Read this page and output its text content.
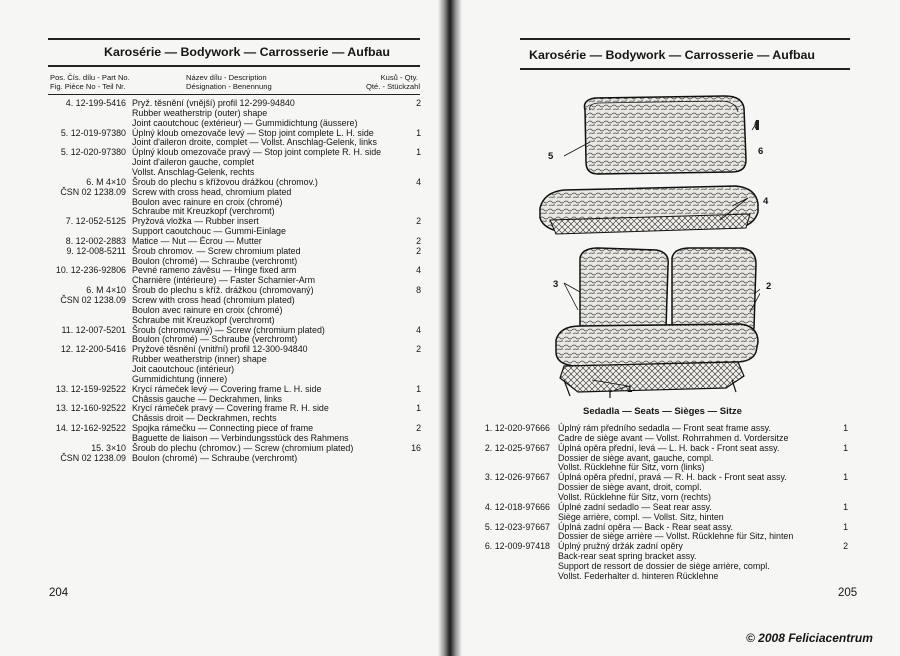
Karosérie — Bodywork — Carrosserie — Aufbau
Pos. Čís. dílu - Part No.
Fig. Pièce No - Teil Nr.
Název dílu - Description
Désignation - Benennung
Kusů - Qty.
Qté. - Stückzahl
4. 12-199-5416 Pryž. těsnění (vnější) profil 12-299-94840
Rubber weatherstrip (outer) shape
Joint caoutchouc (extérieur) — Gummidichtung (äussere)
2
5. 12-019-97380 Úplný kloub omezovače levý — Stop joint complete L. H. side
Joint d'aileron droite, complet — Vollst. Anschlag-Gelenk, links
1
5. 12-020-97380 Úplný kloub omezovače pravý — Stop joint complete R. H. side
Joint d'aileron gauche, complet
Vollst. Anschlag-Gelenk, rechts
1
6. M 4×10
ČSN 02 1238.09
Šroub do plechu s křížovou drážkou (chromov.)
Screw with cross head, chromium plated
Boulon avec rainure en croix (chromé)
Schraube mit Kreuzkopf (verchromt)
4
7. 12-052-5125 Pryžová vložka — Rubber insert
Support caoutchouc — Gummi-Einlage
2
8. 12-002-2883 Matice — Nut — Écrou — Mutter	2
9. 12-008-5211 Šroub chromov. — Screw chromium plated
Boulon (chromé) — Schraube (verchromt)
2
10. 12-236-92806 Pevné rameno závěsu — Hinge fixed arm
Charnière (intérieure) — Faster Scharnier-Arm
4
6. M 4×10
ČSN 02 1238.09
Šroub do plechu s kříž. drážkou (chromovaný)
Screw with cross head (chromium plated)
Boulon avec rainure en croix (chromé)
Schraube mit Kreuzkopf (verchromt)
8
11. 12-007-5201 Šroub (chromovaný) — Screw (chromium plated)
Boulon (chromé) — Schraube (verchromt)
4
12. 12-200-5416 Pryžové těsnění (vnitřní) profil 12-300-94840
Rubber weatherstrip (inner) shape
Joit caoutchouc (intérieur)
Gummidichtung (innere)
2
13. 12-159-92522 Krycí rámeček levý — Covering frame L. H. side
Châssis gauche — Deckrahmen, links
1
13. 12-160-92522 Krycí rámeček pravý — Covering frame R. H. side
Châssis droit — Deckrahmen, rechts
1
14. 12-162-92522 Spojka rámečku — Connecting piece of frame
Baguette de liaison — Verbindungsstück des Rahmens
2
15. 3×10
ČSN 02 1238.09
Šroub do plechu (chromov.) — Screw (chromium plated)
Boulon (chromé) — Schraube (verchromt)
16
204
Karosérie — Bodywork — Carrosserie — Aufbau
1
2
3
4
5	6
Sedadla — Seats — Sièges — Sitze
1. 12-020-97666 Úplný rám předního sedadla — Front seat frame assy.
Cadre de siège avant — Vollst. Rohrrahmen d. Vordersitze
1
2. 12-025-97667 Úplná opěra přední, levá — L. H. back - Front seat assy.
Dossier de siège avant, gauche, compl.
Vollst. Rücklehne für Sitz, vorn (links)
1
3. 12-026-97667 Úplná opěra přední, pravá — R. H. back - Front seat assy.
Dossier de siège avant, droit, compl.
Vollst. Rücklehne für Sitz, vorn (rechts)
1
4. 12-018-97666 Úplné zadní sedadlo — Seat rear assy.
Siège arrière, compl. — Vollst. Sitz, hinten
1
5. 12-023-97667 Úplná zadní opěra — Back - Rear seat assy.
Dossier de siège arrière — Vollst. Rücklehne für Sitz, hinten
1
6. 12-009-97418 Úplný pružný držák zadní opěry
Back-rear seat spring bracket assy.
Support de ressort de dossier de siège arrière, compl.
Vollst. Federhalter d. hinteren Rücklehne
2
205
© 2008 Feliciacentrum
